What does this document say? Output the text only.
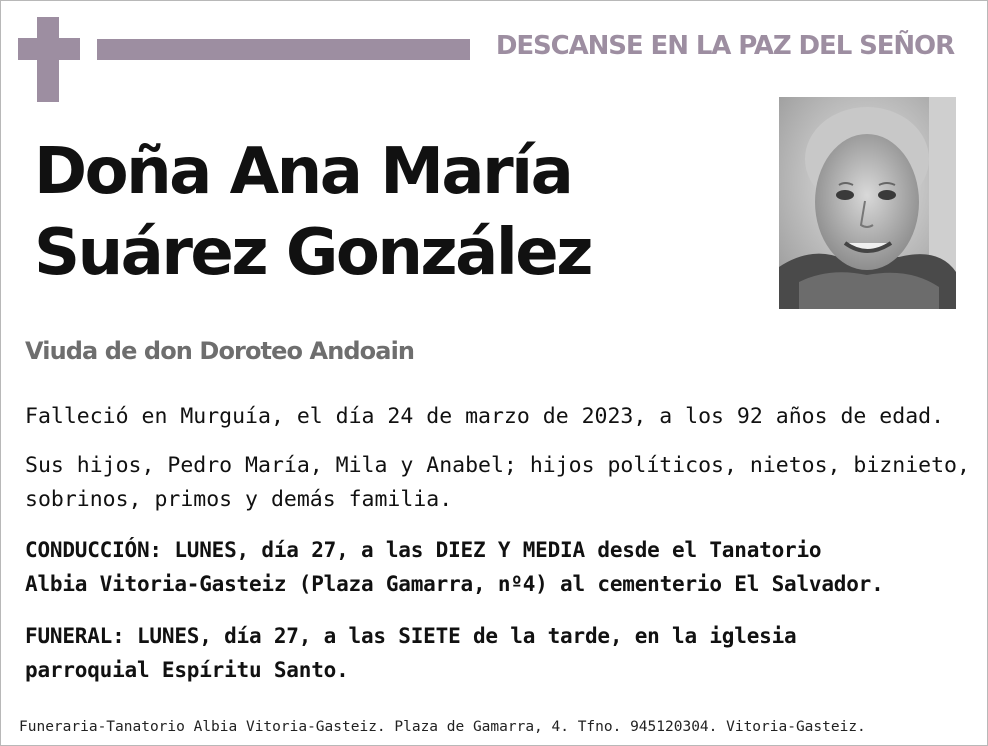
DESCANSE EN LA PAZ DEL SEÑOR
Doña Ana María
Suárez González
Viuda de don Doroteo Andoain
Falleció en Murguía, el día 24 de marzo de 2023, a los 92 años de edad.
Sus hijos, Pedro María, Mila y Anabel; hijos políticos, nietos, biznieto,
sobrinos, primos y demás familia.
CONDUCCIÓN: LUNES, día 27, a las DIEZ Y MEDIA desde el Tanatorio
Albia Vitoria-Gasteiz (Plaza Gamarra, nº4) al cementerio El Salvador.
FUNERAL: LUNES, día 27, a las SIETE de la tarde, en la iglesia
parroquial Espíritu Santo.
Funeraria-Tanatorio Albia Vitoria-Gasteiz. Plaza de Gamarra, 4. Tfno. 945120304. Vitoria-Gasteiz.
